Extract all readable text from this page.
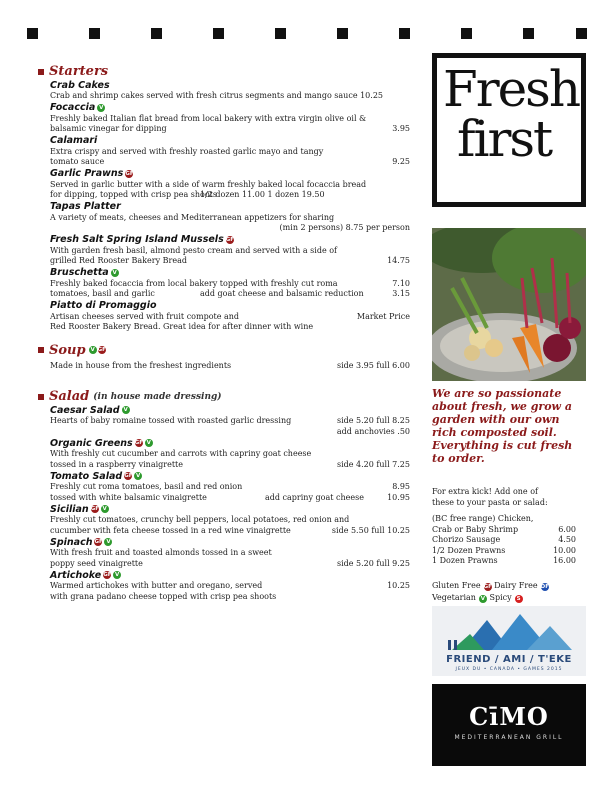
Starters
Crab Cakes
Crab and shrimp cakes served with fresh citrus segments and mango sauce 10.25
Focaccia V
Freshly baked Italian flat bread from local bakery with extra virgin olive oil &
balsamic vinegar for dipping	3.95
Calamari
Extra crispy and served with freshly roasted garlic mayo and tangy
tomato sauce	9.25
Garlic Prawns GF
Served in garlic butter with a side of warm freshly baked local focaccia bread
for dipping, topped with crisp pea shoots
1/2 dozen 11.00 1 dozen 19.50
Tapas Platter
A variety of meats, cheeses and Mediterranean appetizers for sharing
(min 2 persons) 8.75 per person
Fresh Salt Spring Island Mussels GF
With garden fresh basil, almond pesto cream and served with a side of
grilled Red Rooster Bakery Bread	14.75
Bruschetta V
Freshly baked focaccia from local bakery topped with freshly cut roma	7.10
tomatoes, basil and garlic	add goat cheese and balsamic reduction	3.15
Piatto di Promaggio
Artisan cheeses served with fruit compote and	Market Price
Red Rooster Bakery Bread. Great idea for after dinner with wine
Soup V GF
Made in house from the freshest ingredients	side 3.95 full 6.00
Salad (in house made dressing)
Caesar Salad V
Hearts of baby romaine tossed with roasted garlic dressing	side 5.20 full 8.25
add anchovies .50
Organic Greens GF V
With freshly cut cucumber and carrots with capriny goat cheese
tossed in a raspberry vinaigrette	side 4.20 full 7.25
Tomato Salad GF V
Freshly cut roma tomatoes, basil and red onion	8.95
tossed with white balsamic vinaigrette	add capriny goat cheese	10.95
Sicilian GF V
Freshly cut tomatoes, crunchy bell peppers, local potatoes, red onion and
cucumber with feta cheese tossed in a red wine vinaigrette	side 5.50 full 10.25
Spinach GF V
With fresh fruit and toasted almonds tossed in a sweet
poppy seed vinaigrette	side 5.20 full 9.25
Artichoke GF V
Warmed artichokes with butter and oregano, served	10.25
with grana padano cheese topped with crisp pea shoots
Fresh
first
We are so passionate about fresh, we grow a garden with our own rich composted soil. Everything is cut fresh to order.
For extra kick! Add one of
these to your pasta or salad:
(BC free range) Chicken,
Crab or Baby Shrimp	6.00
Chorizo Sausage	4.50
1/2 Dozen Prawns	10.00
1 Dozen Prawns	16.00
Gluten Free GF Dairy Free DF
Vegetarian V Spicy S
FRIEND / AMI / T'EKE
JEUX DU • CANADA • GAMES 2015
CīMO
MEDITERRANEAN GRILL
